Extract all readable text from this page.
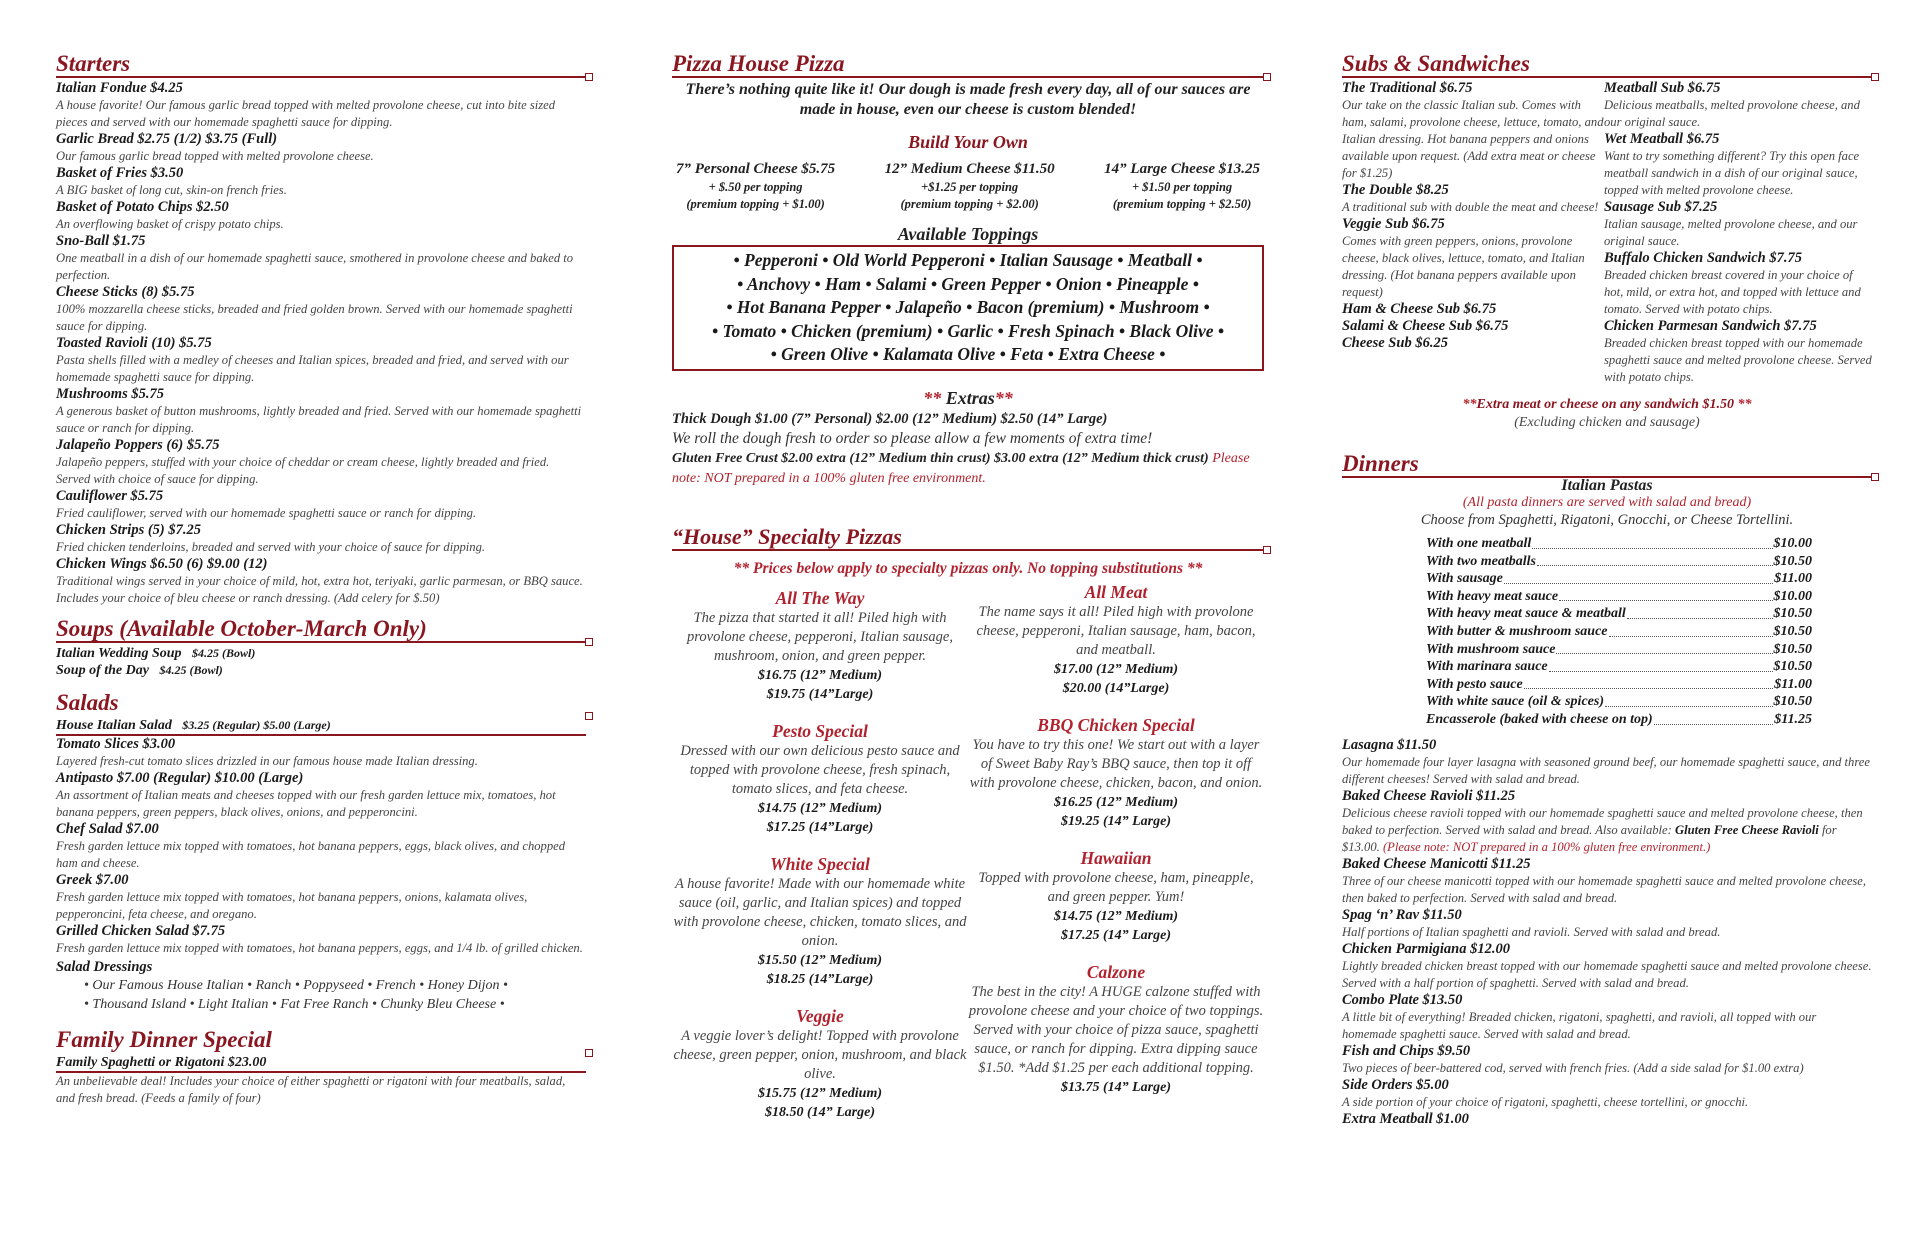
Starters
Italian Fondue $4.25
A house favorite! Our famous garlic bread topped with melted provolone cheese, cut into bite sized pieces and served with our homemade spaghetti sauce for dipping.
Garlic Bread $2.75 (1/2) $3.75 (Full)
Our famous garlic bread topped with melted provolone cheese.
Basket of Fries $3.50
A BIG basket of long cut, skin-on french fries.
Basket of Potato Chips $2.50
An overflowing basket of crispy potato chips.
Sno-Ball $1.75
One meatball in a dish of our homemade spaghetti sauce, smothered in provolone cheese and baked to perfection.
Cheese Sticks (8) $5.75
100% mozzarella cheese sticks, breaded and fried golden brown. Served with our homemade spaghetti sauce for dipping.
Toasted Ravioli (10) $5.75
Pasta shells filled with a medley of cheeses and Italian spices, breaded and fried, and served with our homemade spaghetti sauce for dipping.
Mushrooms $5.75
A generous basket of button mushrooms, lightly breaded and fried. Served with our homemade spaghetti sauce or ranch for dipping.
Jalapeño Poppers (6) $5.75
Jalapeño peppers, stuffed with your choice of cheddar or cream cheese, lightly breaded and fried. Served with choice of sauce for dipping.
Cauliflower $5.75
Fried cauliflower, served with our homemade spaghetti sauce or ranch for dipping.
Chicken Strips (5) $7.25
Fried chicken tenderloins, breaded and served with your choice of sauce for dipping.
Chicken Wings $6.50 (6) $9.00 (12)
Traditional wings served in your choice of mild, hot, extra hot, teriyaki, garlic parmesan, or BBQ sauce. Includes your choice of bleu cheese or ranch dressing. (Add celery for $.50)
Soups (Available October-March Only)
Italian Wedding Soup $4.25 (Bowl)
Soup of the Day $4.25 (Bowl)
Salads
House Italian Salad $3.25 (Regular) $5.00 (Large)
Tomato Slices $3.00
Layered fresh-cut tomato slices drizzled in our famous house made Italian dressing.
Antipasto $7.00 (Regular) $10.00 (Large)
An assortment of Italian meats and cheeses topped with our fresh garden lettuce mix, tomatoes, hot banana peppers, green peppers, black olives, onions, and pepperoncini.
Chef Salad $7.00
Fresh garden lettuce mix topped with tomatoes, hot banana peppers, eggs, black olives, and chopped ham and cheese.
Greek $7.00
Fresh garden lettuce mix topped with tomatoes, hot banana peppers, onions, kalamata olives, pepperoncini, feta cheese, and oregano.
Grilled Chicken Salad $7.75
Fresh garden lettuce mix topped with tomatoes, hot banana peppers, eggs, and 1/4 lb. of grilled chicken.
Salad Dressings
• Our Famous House Italian • Ranch • Poppyseed • French • Honey Dijon •
• Thousand Island • Light Italian • Fat Free Ranch • Chunky Bleu Cheese •
Family Dinner Special
Family Spaghetti or Rigatoni $23.00
An unbelievable deal! Includes your choice of either spaghetti or rigatoni with four meatballs, salad, and fresh bread. (Feeds a family of four)
Pizza House Pizza
There’s nothing quite like it! Our dough is made fresh every day, all of our sauces are made in house, even our cheese is custom blended!
Build Your Own
7” Personal Cheese $5.75
+ $.50 per topping
(premium topping + $1.00)
12” Medium Cheese $11.50
+$1.25 per topping
(premium topping + $2.00)
14” Large Cheese $13.25
+ $1.50 per topping
(premium topping + $2.50)
Available Toppings
• Pepperoni • Old World Pepperoni • Italian Sausage • Meatball •
• Anchovy • Ham • Salami • Green Pepper • Onion • Pineapple •
• Hot Banana Pepper • Jalapeño • Bacon (premium) • Mushroom •
• Tomato • Chicken (premium) • Garlic • Fresh Spinach • Black Olive •
• Green Olive • Kalamata Olive • Feta • Extra Cheese •
** Extras**
Thick Dough $1.00 (7” Personal) $2.00 (12” Medium) $2.50 (14” Large)
We roll the dough fresh to order so please allow a few moments of extra time!
Gluten Free Crust $2.00 extra (12” Medium thin crust) $3.00 extra (12” Medium thick crust) Please note: NOT prepared in a 100% gluten free environment.
“House” Specialty Pizzas
** Prices below apply to specialty pizzas only. No topping substitutions **
All The Way
The pizza that started it all! Piled high with provolone cheese, pepperoni, Italian sausage, mushroom, onion, and green pepper.
$16.75 (12” Medium)
$19.75 (14”Large)
Pesto Special
Dressed with our own delicious pesto sauce and topped with provolone cheese, fresh spinach, tomato slices, and feta cheese.
$14.75 (12” Medium)
$17.25 (14”Large)
White Special
A house favorite! Made with our homemade white sauce (oil, garlic, and Italian spices) and topped with provolone cheese, chicken, tomato slices, and onion.
$15.50 (12” Medium)
$18.25 (14”Large)
Veggie
A veggie lover’s delight! Topped with provolone cheese, green pepper, onion, mushroom, and black olive.
$15.75 (12” Medium)
$18.50 (14” Large)
All Meat
The name says it all! Piled high with provolone cheese, pepperoni, Italian sausage, ham, bacon, and meatball.
$17.00 (12” Medium)
$20.00 (14”Large)
BBQ Chicken Special
You have to try this one! We start out with a layer of Sweet Baby Ray’s BBQ sauce, then top it off with provolone cheese, chicken, bacon, and onion.
$16.25 (12” Medium)
$19.25 (14” Large)
Hawaiian
Topped with provolone cheese, ham, pineapple, and green pepper. Yum!
$14.75 (12” Medium)
$17.25 (14” Large)
Calzone
The best in the city! A HUGE calzone stuffed with provolone cheese and your choice of two toppings. Served with your choice of pizza sauce, spaghetti sauce, or ranch for dipping. Extra dipping sauce $1.50. *Add $1.25 per each additional topping.
$13.75 (14” Large)
Subs & Sandwiches
The Traditional $6.75
Our take on the classic Italian sub. Comes with ham, salami, provolone cheese, lettuce, tomato, and Italian dressing. Hot banana peppers and onions available upon request. (Add extra meat or cheese for $1.25)
The Double $8.25
A traditional sub with double the meat and cheese!
Veggie Sub $6.75
Comes with green peppers, onions, provolone cheese, black olives, lettuce, tomato, and Italian dressing. (Hot banana peppers available upon request)
Ham & Cheese Sub $6.75
Salami & Cheese Sub $6.75
Cheese Sub $6.25
Meatball Sub $6.75
Delicious meatballs, melted provolone cheese, and our original sauce.
Wet Meatball $6.75
Want to try something different? Try this open face meatball sandwich in a dish of our original sauce, topped with melted provolone cheese.
Sausage Sub $7.25
Italian sausage, melted provolone cheese, and our original sauce.
Buffalo Chicken Sandwich $7.75
Breaded chicken breast covered in your choice of hot, mild, or extra hot, and topped with lettuce and tomato. Served with potato chips.
Chicken Parmesan Sandwich $7.75
Breaded chicken breast topped with our homemade spaghetti sauce and melted provolone cheese. Served with potato chips.
**Extra meat or cheese on any sandwich $1.50 **
(Excluding chicken and sausage)
Dinners
Italian Pastas
(All pasta dinners are served with salad and bread)
Choose from Spaghetti, Rigatoni, Gnocchi, or Cheese Tortellini.
With one meatball	$10.00
With two meatballs	$10.50
With sausage	$11.00
With heavy meat sauce	$10.00
With heavy meat sauce & meatball	$10.50
With butter & mushroom sauce	$10.50
With mushroom sauce	$10.50
With marinara sauce	$10.50
With pesto sauce	$11.00
With white sauce (oil & spices)	$10.50
Encasserole (baked with cheese on top)	$11.25
Lasagna $11.50
Our homemade four layer lasagna with seasoned ground beef, our homemade spaghetti sauce, and three different cheeses! Served with salad and bread.
Baked Cheese Ravioli $11.25
Delicious cheese ravioli topped with our homemade spaghetti sauce and melted provolone cheese, then baked to perfection. Served with salad and bread. Also available: Gluten Free Cheese Ravioli for $13.00. (Please note: NOT prepared in a 100% gluten free environment.)
Baked Cheese Manicotti $11.25
Three of our cheese manicotti topped with our homemade spaghetti sauce and melted provolone cheese, then baked to perfection. Served with salad and bread.
Spag ‘n’ Rav $11.50
Half portions of Italian spaghetti and ravioli. Served with salad and bread.
Chicken Parmigiana $12.00
Lightly breaded chicken breast topped with our homemade spaghetti sauce and melted provolone cheese. Served with a half portion of spaghetti. Served with salad and bread.
Combo Plate $13.50
A little bit of everything! Breaded chicken, rigatoni, spaghetti, and ravioli, all topped with our homemade spaghetti sauce. Served with salad and bread.
Fish and Chips $9.50
Two pieces of beer-battered cod, served with french fries. (Add a side salad for $1.00 extra)
Side Orders $5.00
A side portion of your choice of rigatoni, spaghetti, cheese tortellini, or gnocchi.
Extra Meatball $1.00
